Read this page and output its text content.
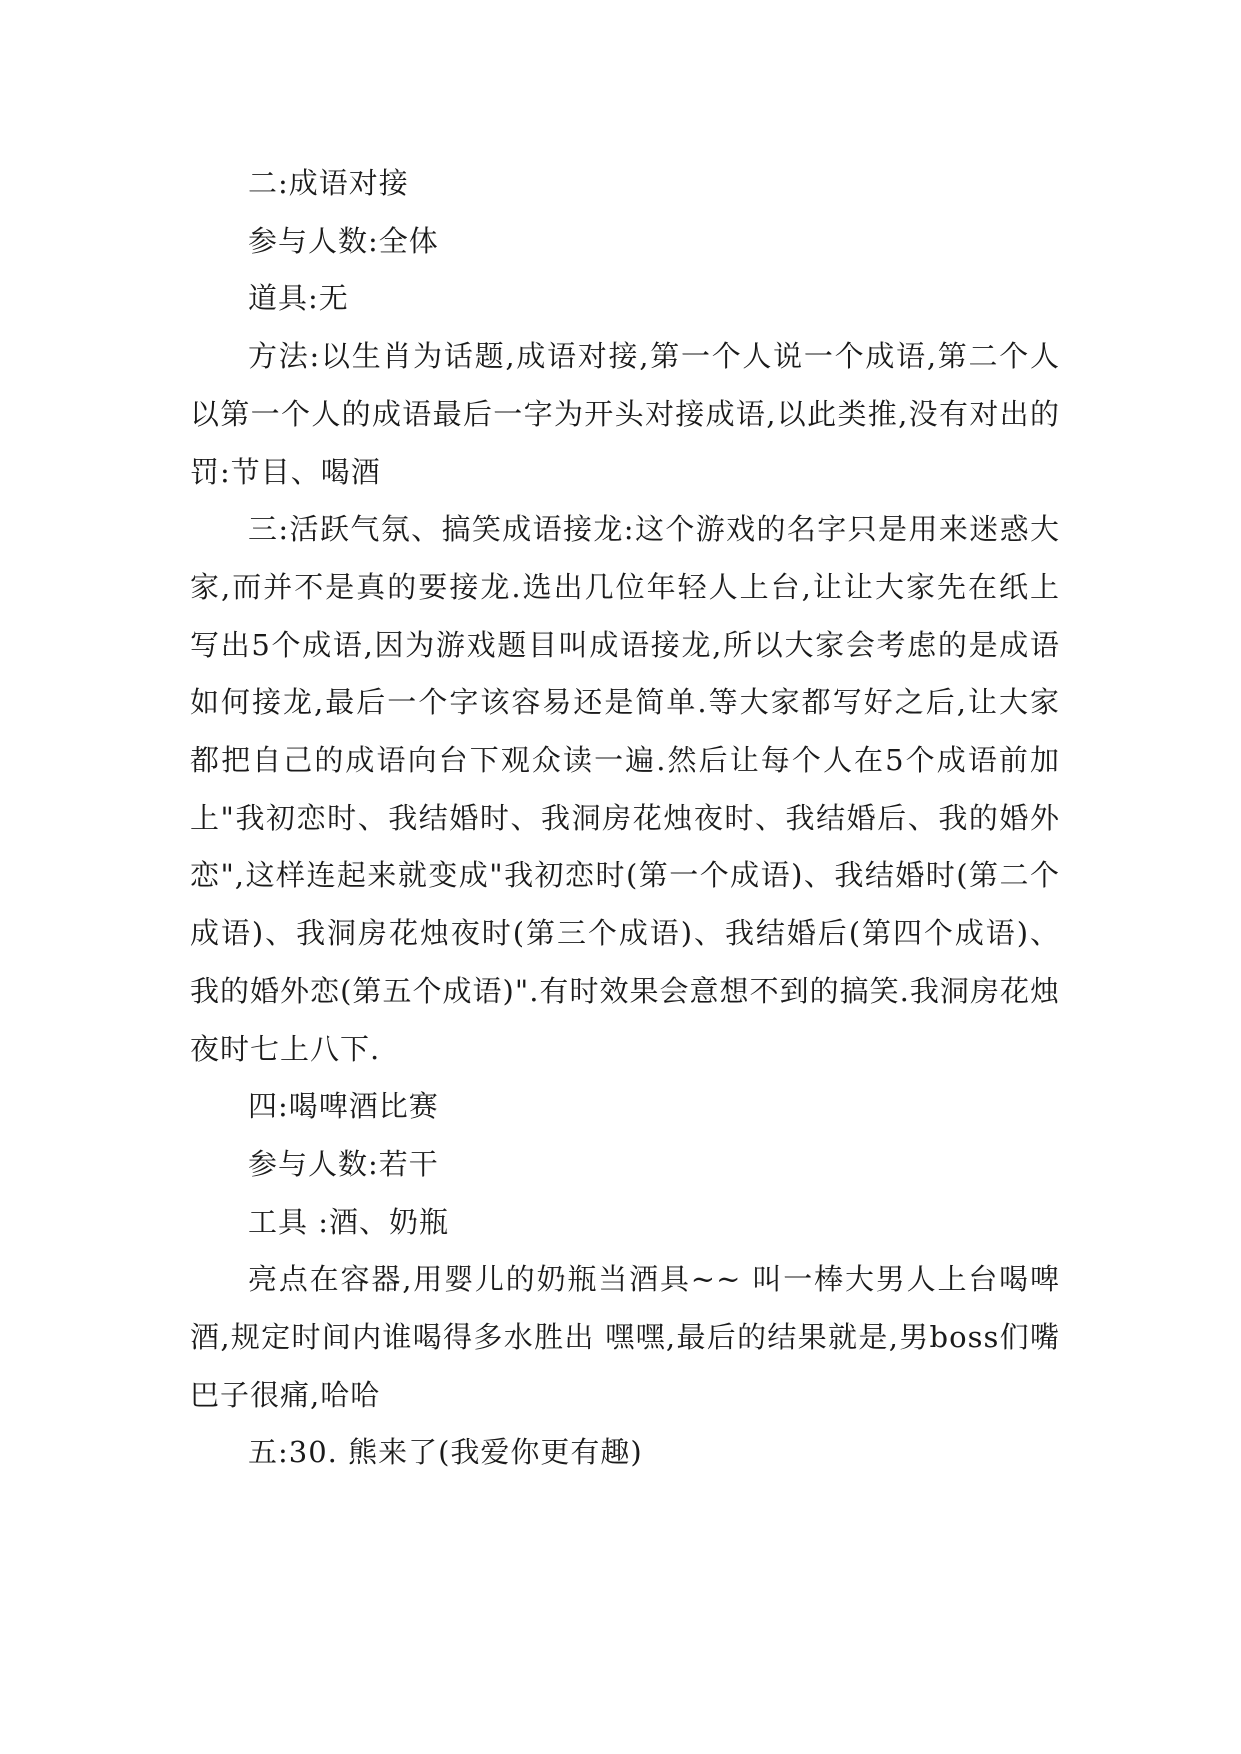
二:成语对接

参与人数:全体

道具:无

方法:以生肖为话题,成语对接,第一个人说一个成语,第二个人以第一个人的成语最后一字为开头对接成语,以此类推,没有对出的罚:节目、喝酒

三:活跃气氛、搞笑成语接龙:这个游戏的名字只是用来迷惑大家,而并不是真的要接龙.选出几位年轻人上台,让让大家先在纸上写出5个成语,因为游戏题目叫成语接龙,所以大家会考虑的是成语如何接龙,最后一个字该容易还是简单.等大家都写好之后,让大家都把自己的成语向台下观众读一遍.然后让每个人在5个成语前加上"我初恋时、我结婚时、我洞房花烛夜时、我结婚后、我的婚外恋",这样连起来就变成"我初恋时(第一个成语)、我结婚时(第二个成语)、我洞房花烛夜时(第三个成语)、我结婚后(第四个成语)、我的婚外恋(第五个成语)".有时效果会意想不到的搞笑.我洞房花烛夜时七上八下.

四:喝啤酒比赛

参与人数:若干

工具 :酒、奶瓶

亮点在容器,用婴儿的奶瓶当酒具~~ 叫一棒大男人上台喝啤酒,规定时间内谁喝得多水胜出 嘿嘿,最后的结果就是,男boss们嘴巴子很痛,哈哈

五:30. 熊来了(我爱你更有趣)
